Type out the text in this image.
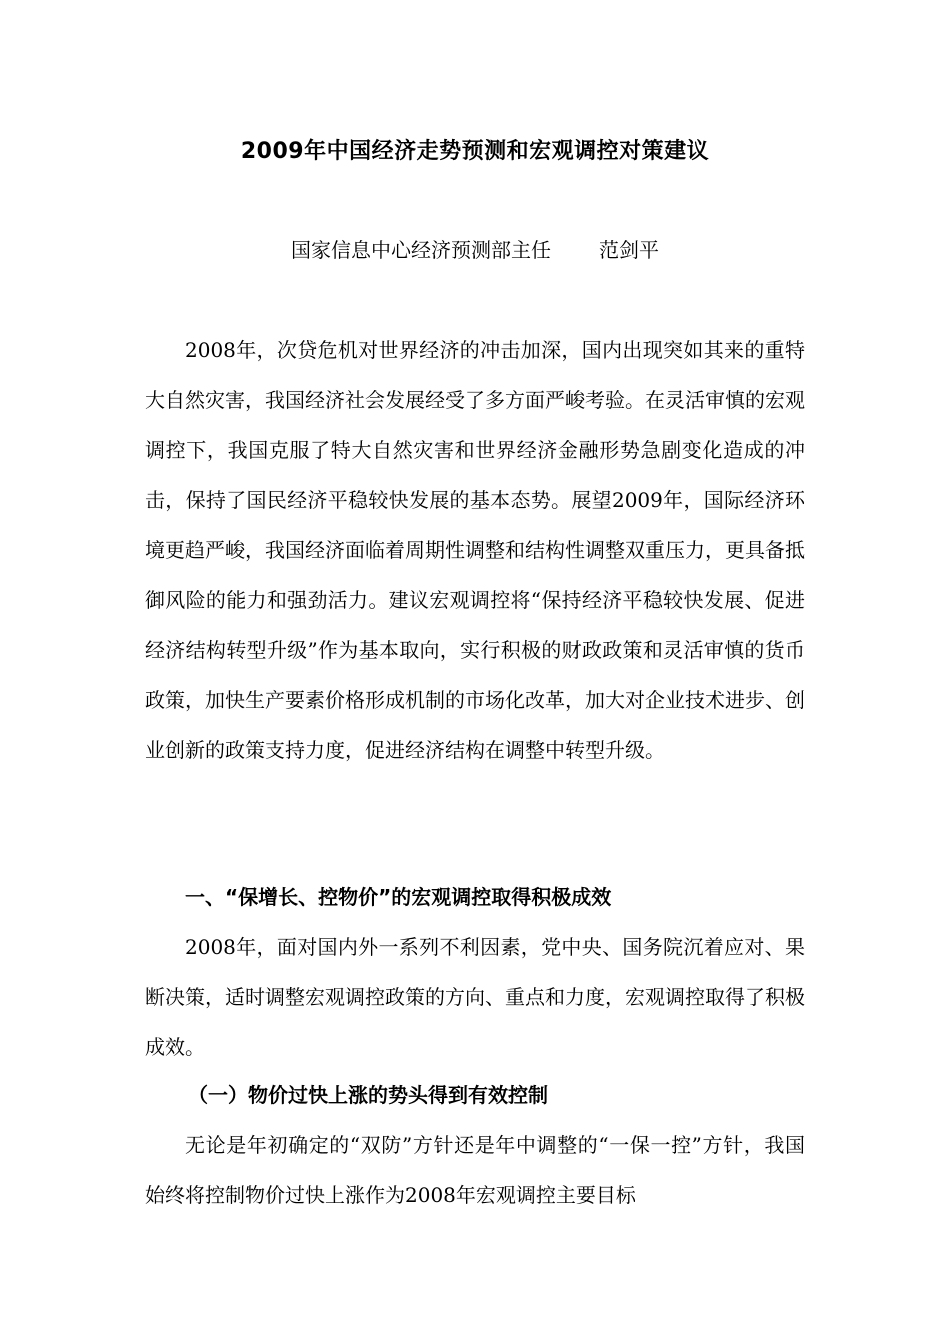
2009年中国经济走势预测和宏观调控对策建议
国家信息中心经济预测部主任 范剑平

2008年，次贷危机对世界经济的冲击加深，国内出现突如其来的重特大自然灾害，我国经济社会发展经受了多方面严峻考验。在灵活审慎的宏观调控下，我国克服了特大自然灾害和世界经济金融形势急剧变化造成的冲击，保持了国民经济平稳较快发展的基本态势。展望2009年，国际经济环境更趋严峻，我国经济面临着周期性调整和结构性调整双重压力，更具备抵御风险的能力和强劲活力。建议宏观调控将“保持经济平稳较快发展、促进经济结构转型升级”作为基本取向，实行积极的财政政策和灵活审慎的货币政策，加快生产要素价格形成机制的市场化改革，加大对企业技术进步、创业创新的政策支持力度，促进经济结构在调整中转型升级。

一、“保增长、控物价”的宏观调控取得积极成效

2008年，面对国内外一系列不利因素，党中央、国务院沉着应对、果断决策，适时调整宏观调控政策的方向、重点和力度，宏观调控取得了积极成效。

（一）物价过快上涨的势头得到有效控制

无论是年初确定的“双防”方针还是年中调整的“一保一控”方针，我国始终将控制物价过快上涨作为2008年宏观调控主要目标
